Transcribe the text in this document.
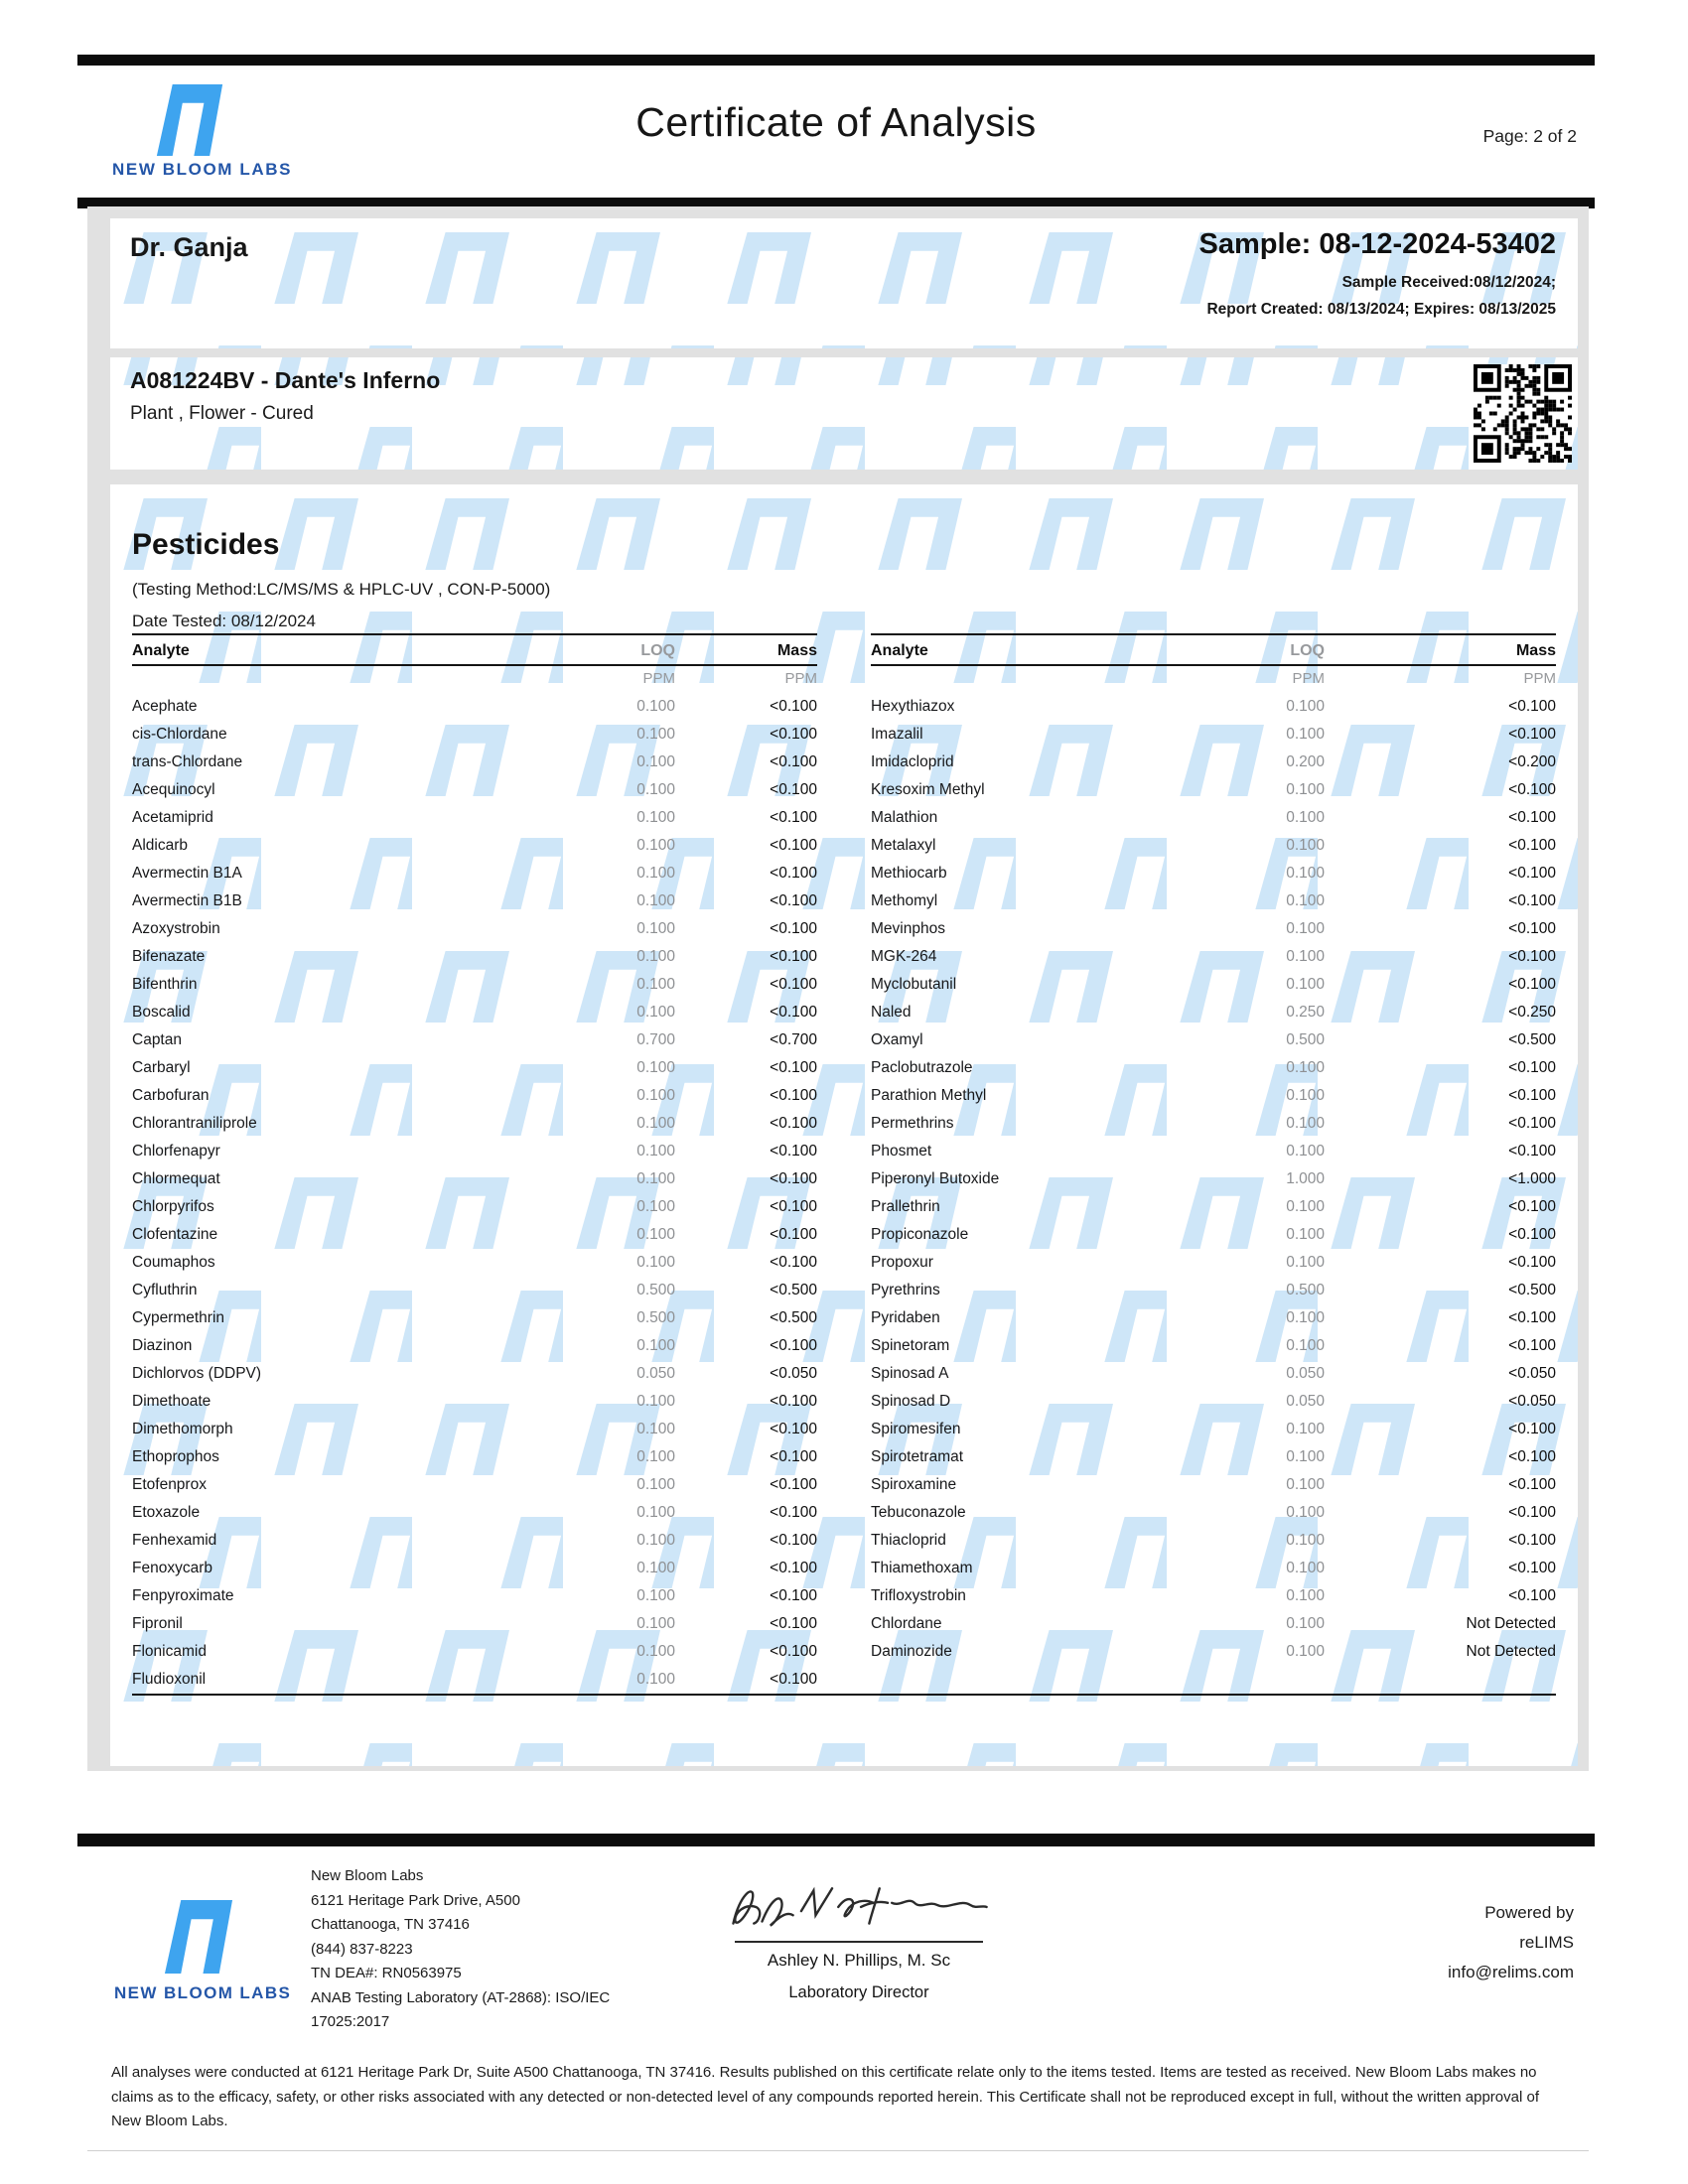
NEW BLOOM LABS
Certificate of Analysis	Page: 2 of 2
Dr. Ganja	Sample: 08-12-2024-53402
Sample Received:08/12/2024;
Report Created: 08/13/2024; Expires: 08/13/2025
A081224BV - Dante's Inferno
Plant , Flower - Cured
Pesticides
(Testing Method:LC/MS/MS & HPLC-UV , CON-P-5000)
Date Tested: 08/12/2024
Analyte	LOQ	Mass
PPM	PPM
Acephate	0.100	<0.100
cis-Chlordane	0.100	<0.100
trans-Chlordane	0.100	<0.100
Acequinocyl	0.100	<0.100
Acetamiprid	0.100	<0.100
Aldicarb	0.100	<0.100
Avermectin B1A	0.100	<0.100
Avermectin B1B	0.100	<0.100
Azoxystrobin	0.100	<0.100
Bifenazate	0.100	<0.100
Bifenthrin	0.100	<0.100
Boscalid	0.100	<0.100
Captan	0.700	<0.700
Carbaryl	0.100	<0.100
Carbofuran	0.100	<0.100
Chlorantraniliprole	0.100	<0.100
Chlorfenapyr	0.100	<0.100
Chlormequat	0.100	<0.100
Chlorpyrifos	0.100	<0.100
Clofentazine	0.100	<0.100
Coumaphos	0.100	<0.100
Cyfluthrin	0.500	<0.500
Cypermethrin	0.500	<0.500
Diazinon	0.100	<0.100
Dichlorvos (DDPV)	0.050	<0.050
Dimethoate	0.100	<0.100
Dimethomorph	0.100	<0.100
Ethoprophos	0.100	<0.100
Etofenprox	0.100	<0.100
Etoxazole	0.100	<0.100
Fenhexamid	0.100	<0.100
Fenoxycarb	0.100	<0.100
Fenpyroximate	0.100	<0.100
Fipronil	0.100	<0.100
Flonicamid	0.100	<0.100
Fludioxonil	0.100	<0.100
Analyte	LOQ	Mass
PPM	PPM
Hexythiazox	0.100	<0.100
Imazalil	0.100	<0.100
Imidacloprid	0.200	<0.200
Kresoxim Methyl	0.100	<0.100
Malathion	0.100	<0.100
Metalaxyl	0.100	<0.100
Methiocarb	0.100	<0.100
Methomyl	0.100	<0.100
Mevinphos	0.100	<0.100
MGK-264	0.100	<0.100
Myclobutanil	0.100	<0.100
Naled	0.250	<0.250
Oxamyl	0.500	<0.500
Paclobutrazole	0.100	<0.100
Parathion Methyl	0.100	<0.100
Permethrins	0.100	<0.100
Phosmet	0.100	<0.100
Piperonyl Butoxide	1.000	<1.000
Prallethrin	0.100	<0.100
Propiconazole	0.100	<0.100
Propoxur	0.100	<0.100
Pyrethrins	0.500	<0.500
Pyridaben	0.100	<0.100
Spinetoram	0.100	<0.100
Spinosad A	0.050	<0.050
Spinosad D	0.050	<0.050
Spiromesifen	0.100	<0.100
Spirotetramat	0.100	<0.100
Spiroxamine	0.100	<0.100
Tebuconazole	0.100	<0.100
Thiacloprid	0.100	<0.100
Thiamethoxam	0.100	<0.100
Trifloxystrobin	0.100	<0.100
Chlordane	0.100	Not Detected
Daminozide	0.100	Not Detected
NEW BLOOM LABS
New Bloom Labs
6121 Heritage Park Drive, A500
Chattanooga, TN 37416
(844) 837-8223
TN DEA#: RN0563975
ANAB Testing Laboratory (AT-2868): ISO/IEC
17025:2017
Ashley N. Phillips, M. Sc
Laboratory Director
Powered by
reLIMS
info@relims.com
All analyses were conducted at 6121 Heritage Park Dr, Suite A500 Chattanooga, TN 37416. Results published on this certificate relate only to the items tested. Items are tested as received. New Bloom Labs makes no claims as to the efficacy, safety, or other risks associated with any detected or non-detected level of any compounds reported herein. This Certificate shall not be reproduced except in full, without the written approval of New Bloom Labs.
